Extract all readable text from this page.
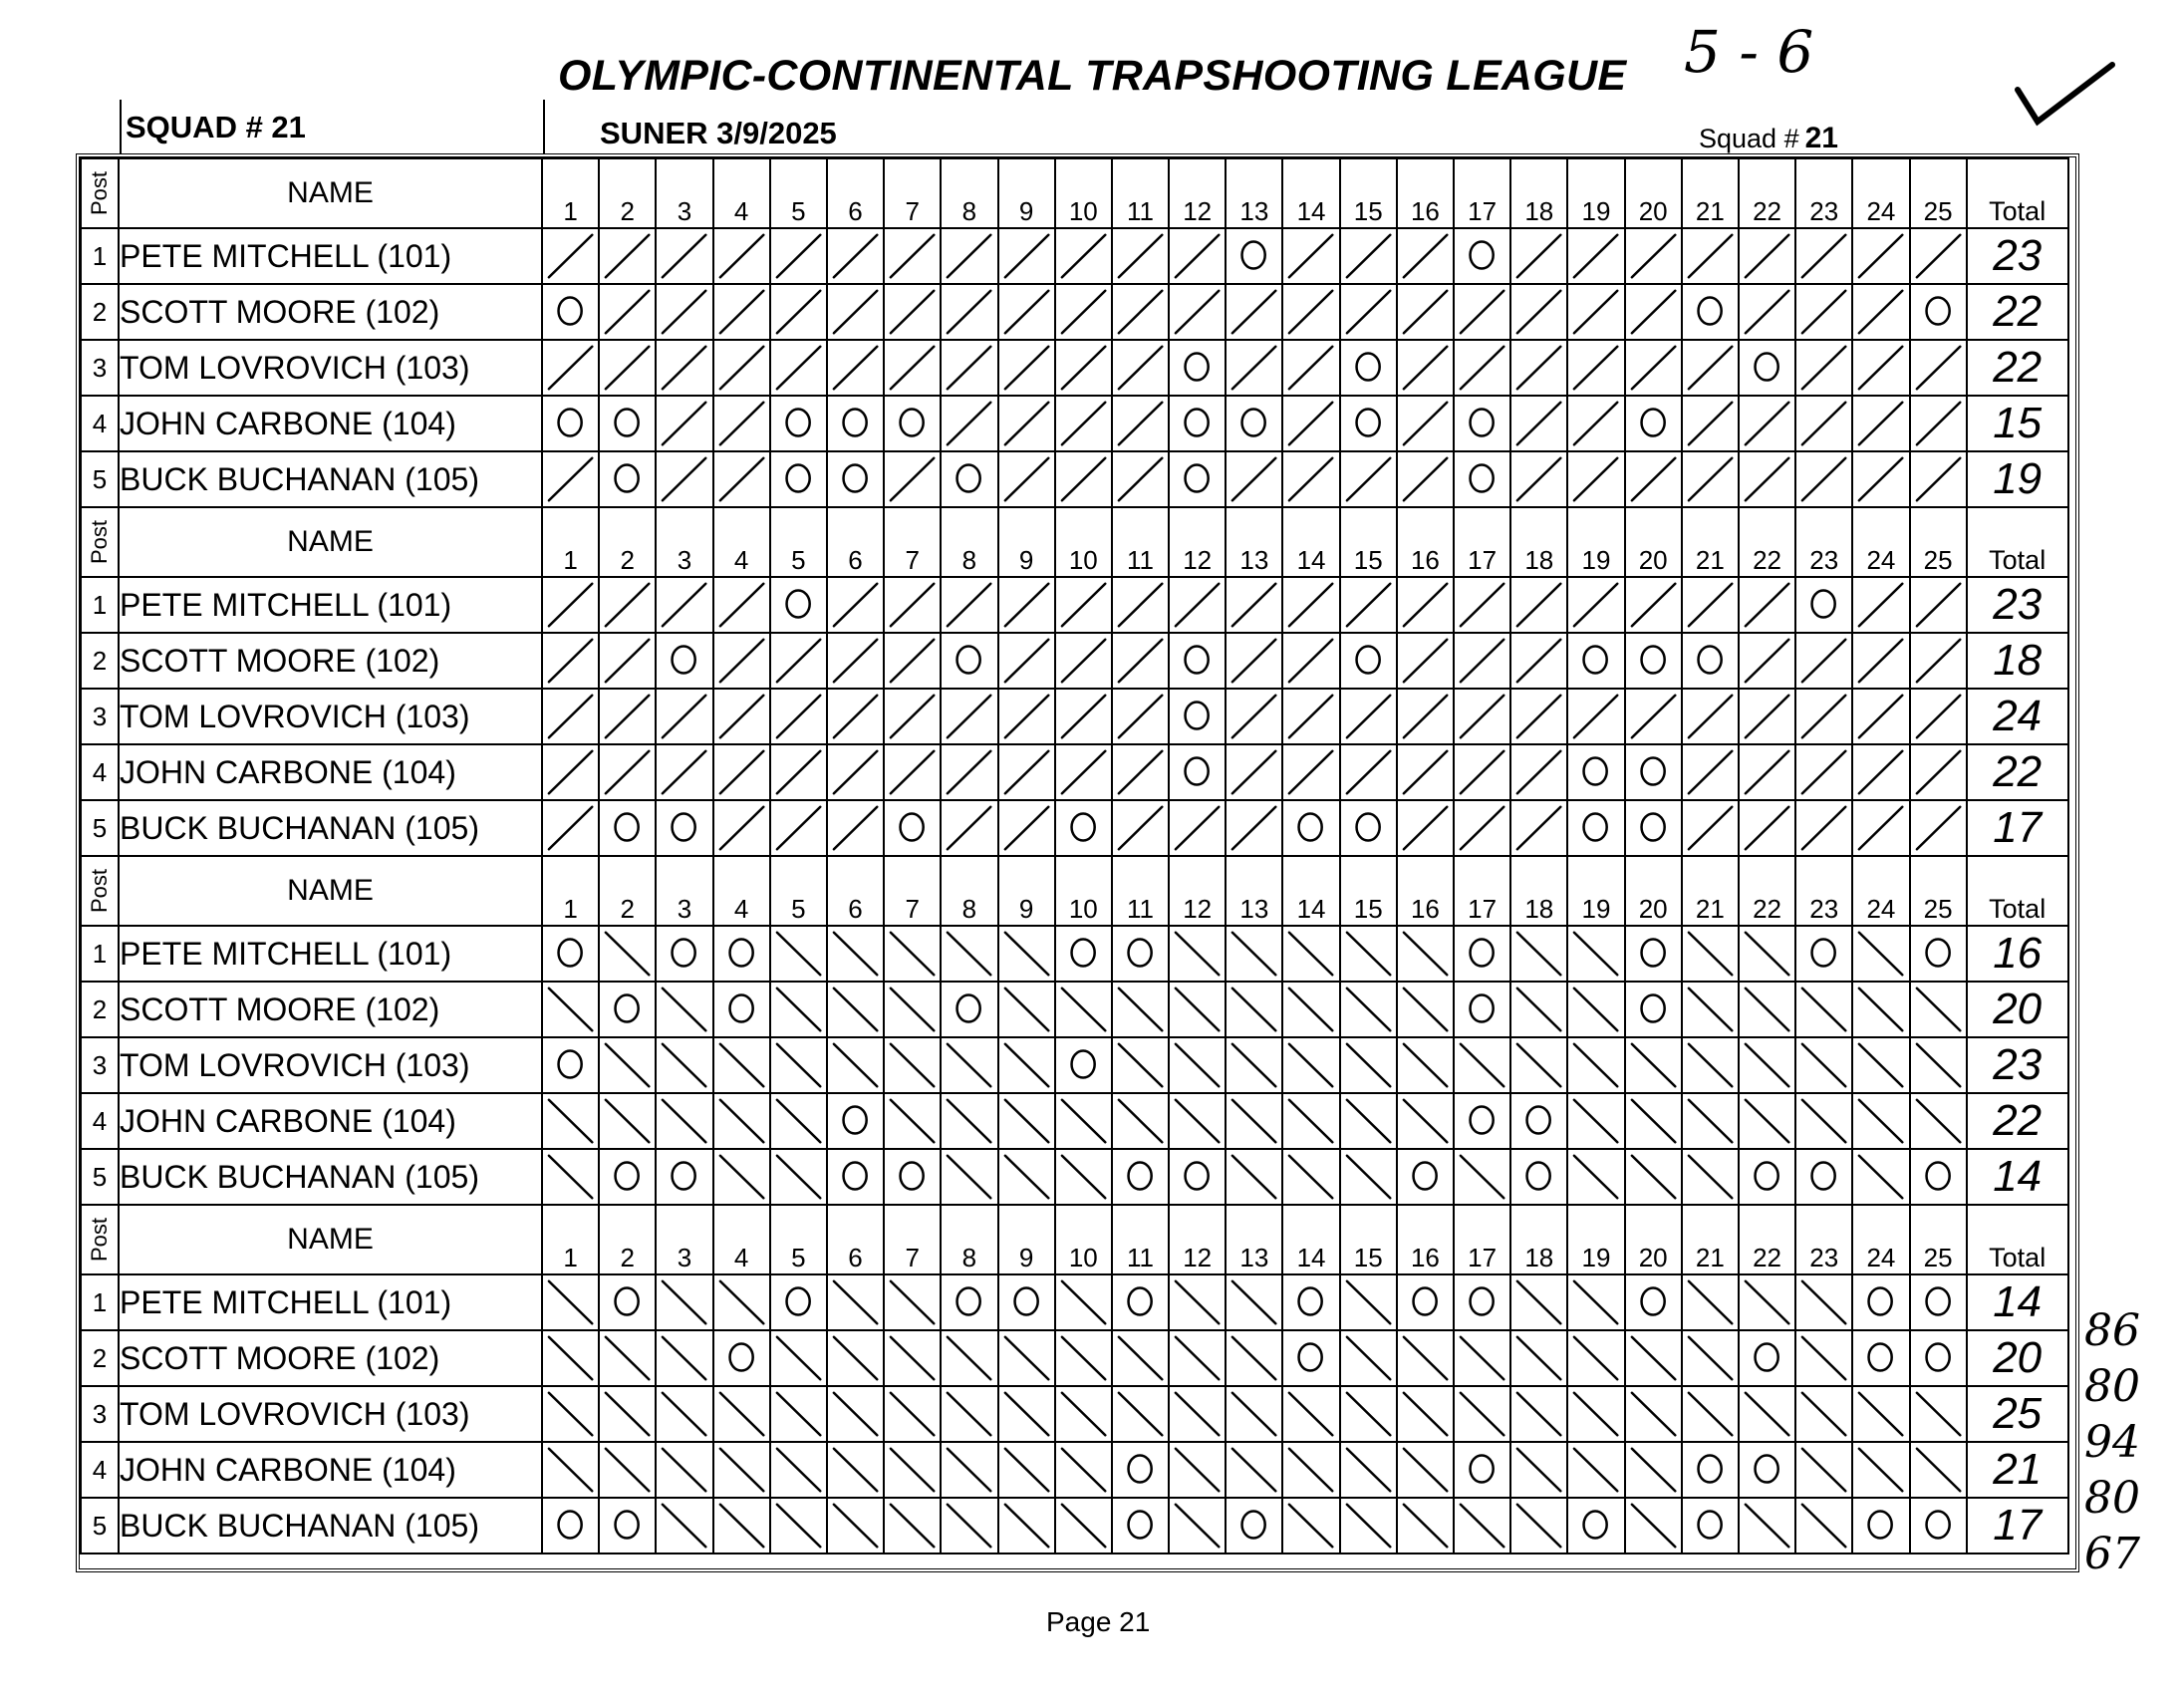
OLYMPIC-CONTINENTAL TRAPSHOOTING LEAGUE
SQUAD # 21	SUNER 3/9/2025	Squad # 21
5 - 6
Post	NAME	1	2	3	4	5	6	7	8	9	10	11	12	13	14	15	16	17	18	19	20	21	22	23	24	25	Total
1	PETE MITCHELL (101)																										23
2	SCOTT MOORE (102)																										22
3	TOM LOVROVICH (103)																										22
4	JOHN CARBONE (104)																										15
5	BUCK BUCHANAN (105)																										19

Post	NAME	1	2	3	4	5	6	7	8	9	10	11	12	13	14	15	16	17	18	19	20	21	22	23	24	25	Total
1	PETE MITCHELL (101)																										23
2	SCOTT MOORE (102)																										18
3	TOM LOVROVICH (103)																										24
4	JOHN CARBONE (104)																										22
5	BUCK BUCHANAN (105)																										17

Post	NAME	1	2	3	4	5	6	7	8	9	10	11	12	13	14	15	16	17	18	19	20	21	22	23	24	25	Total
1	PETE MITCHELL (101)																										16
2	SCOTT MOORE (102)																										20
3	TOM LOVROVICH (103)																										23
4	JOHN CARBONE (104)																										22
5	BUCK BUCHANAN (105)																										14

Post	NAME	1	2	3	4	5	6	7	8	9	10	11	12	13	14	15	16	17	18	19	20	21	22	23	24	25	Total
1	PETE MITCHELL (101)																										14
2	SCOTT MOORE (102)																										20
3	TOM LOVROVICH (103)																										25
4	JOHN CARBONE (104)																										21
5	BUCK BUCHANAN (105)																										17
86
80
94
80
67
Page 21
